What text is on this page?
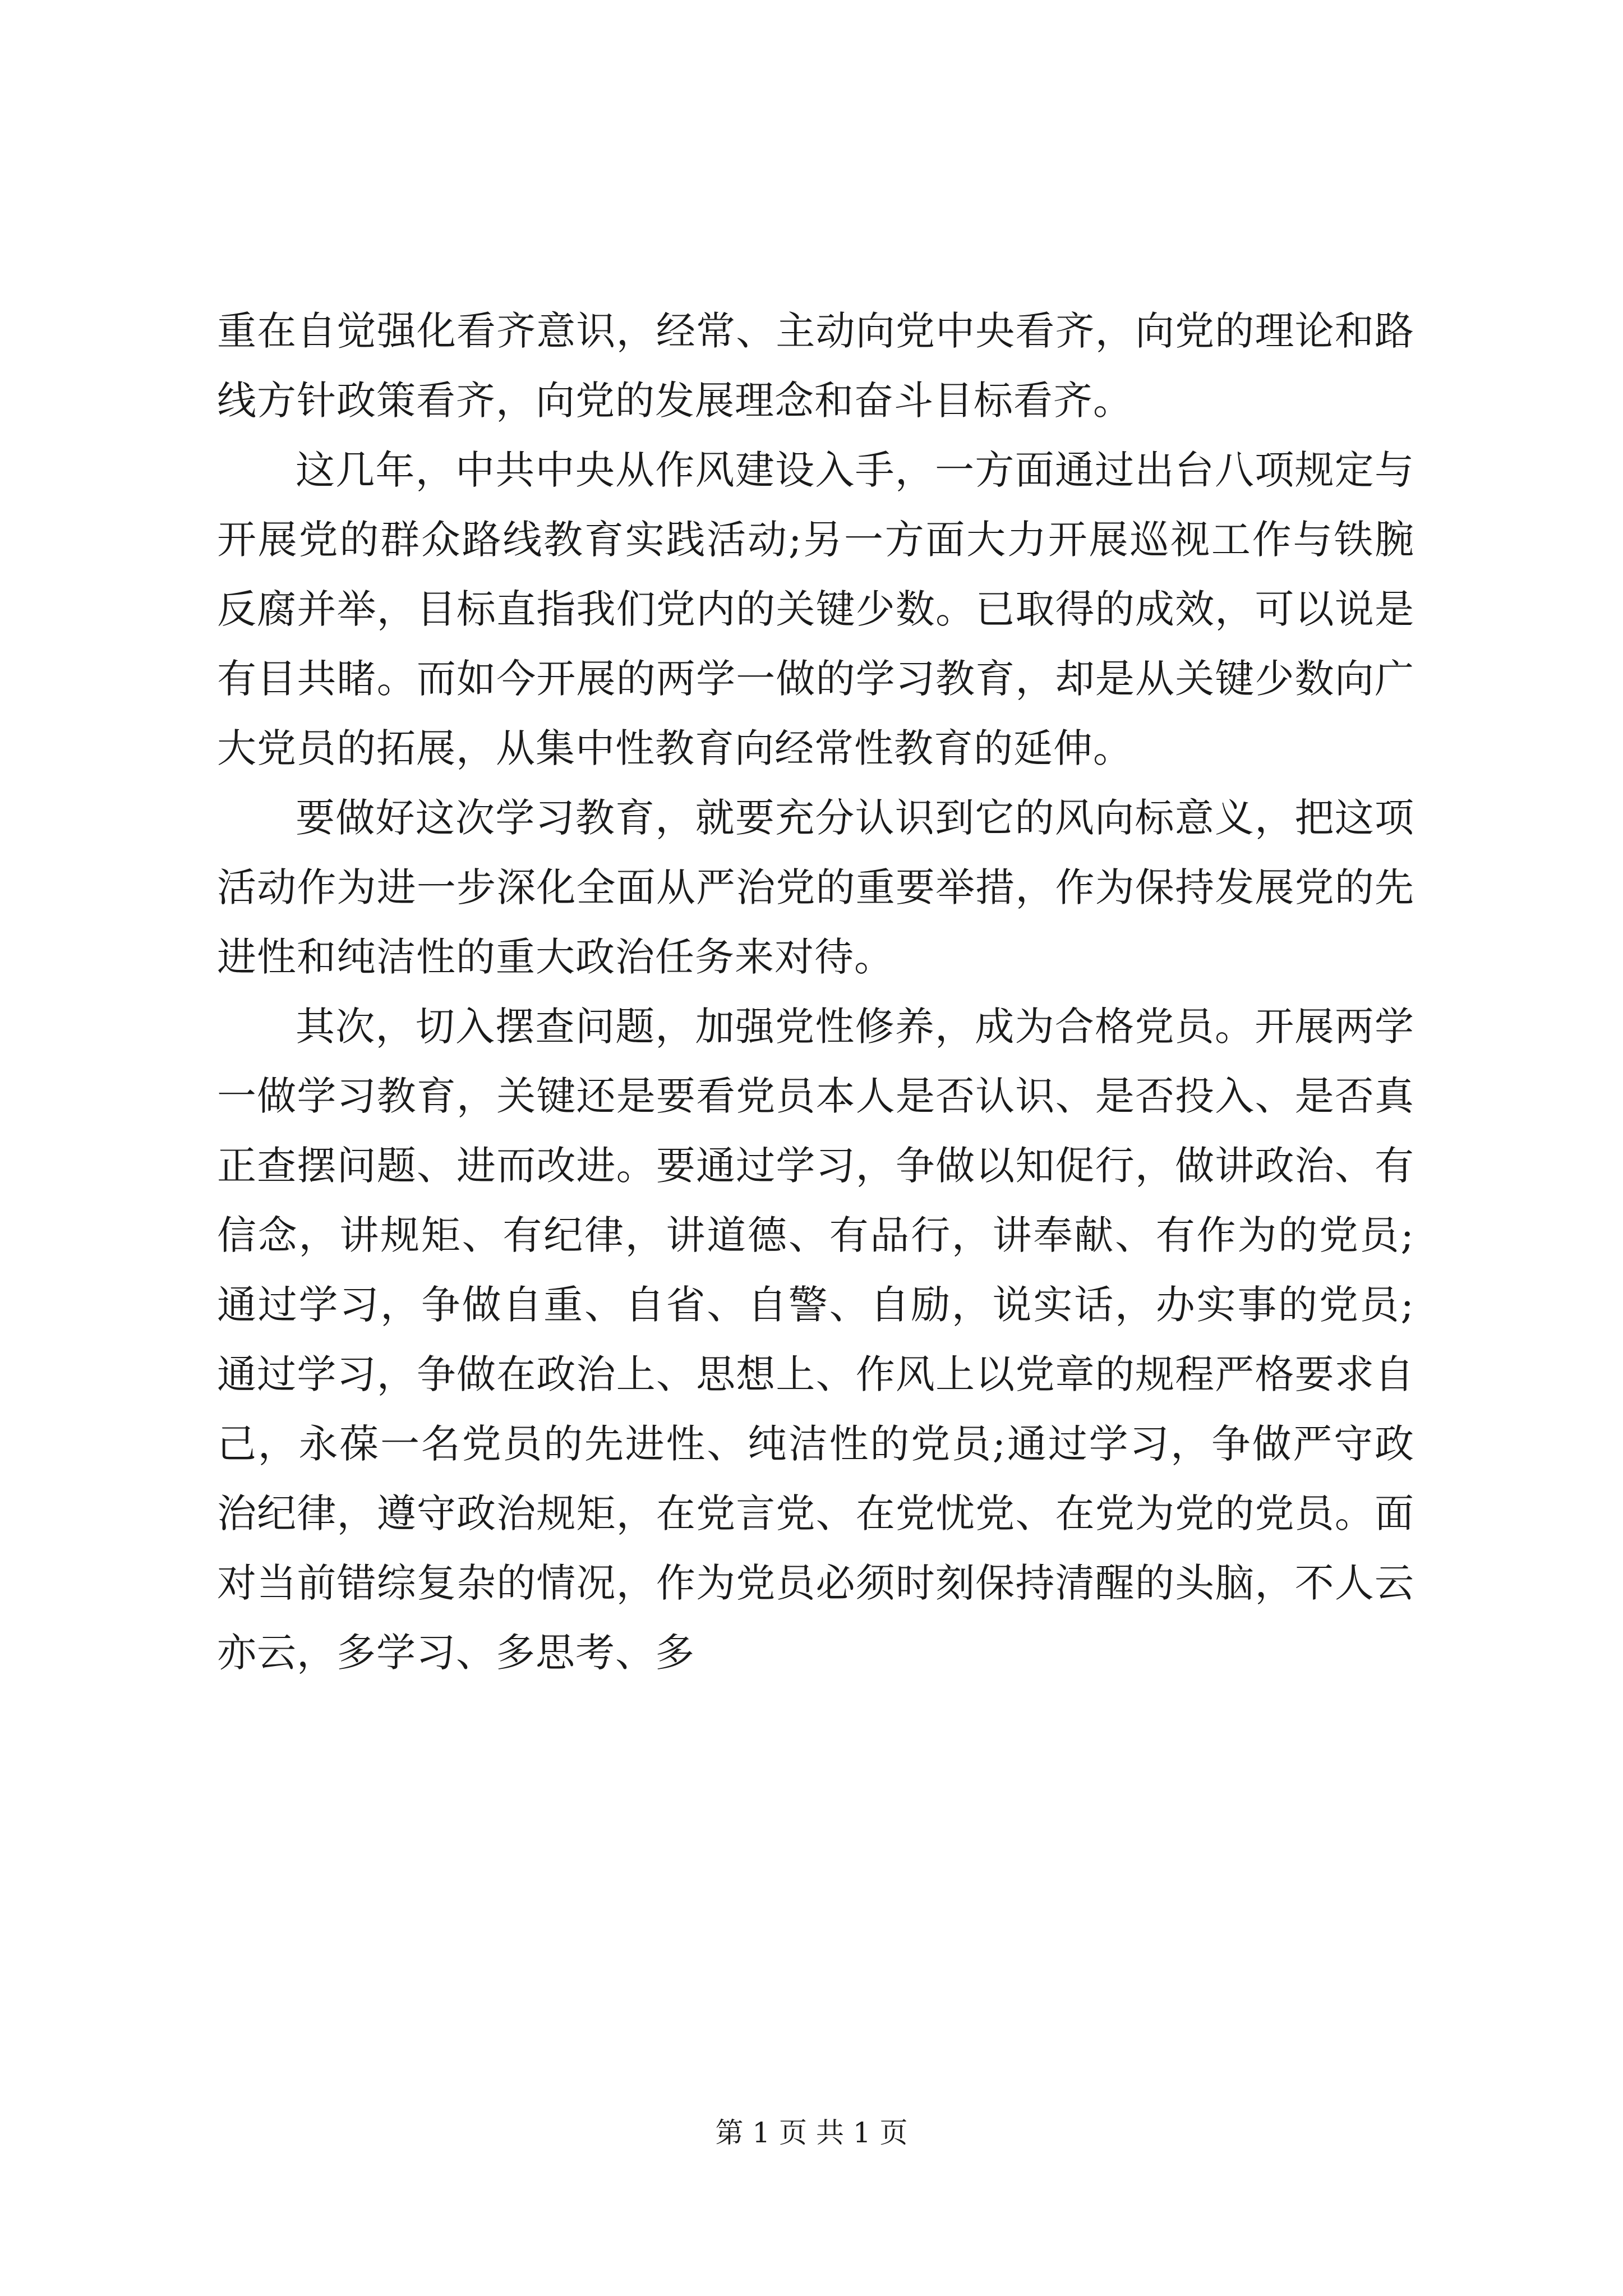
重在自觉强化看齐意识，经常、主动向党中央看齐，向党的理论和路线方针政策看齐，向党的发展理念和奋斗目标看齐。

这几年，中共中央从作风建设入手，一方面通过出台八项规定与开展党的群众路线教育实践活动;另一方面大力开展巡视工作与铁腕反腐并举，目标直指我们党内的关键少数。已取得的成效，可以说是有目共睹。而如今开展的两学一做的学习教育，却是从关键少数向广大党员的拓展，从集中性教育向经常性教育的延伸。

要做好这次学习教育，就要充分认识到它的风向标意义，把这项活动作为进一步深化全面从严治党的重要举措，作为保持发展党的先进性和纯洁性的重大政治任务来对待。

其次，切入摆查问题，加强党性修养，成为合格党员。开展两学一做学习教育，关键还是要看党员本人是否认识、是否投入、是否真正查摆问题、进而改进。要通过学习，争做以知促行，做讲政治、有信念，讲规矩、有纪律，讲道德、有品行，讲奉献、有作为的党员;通过学习，争做自重、自省、自警、自励，说实话，办实事的党员;通过学习，争做在政治上、思想上、作风上以党章的规程严格要求自己，永葆一名党员的先进性、纯洁性的党员;通过学习，争做严守政治纪律，遵守政治规矩，在党言党、在党忧党、在党为党的党员。面对当前错综复杂的情况，作为党员必须时刻保持清醒的头脑，不人云亦云，多学习、多思考、多

第 1 页 共 1 页
